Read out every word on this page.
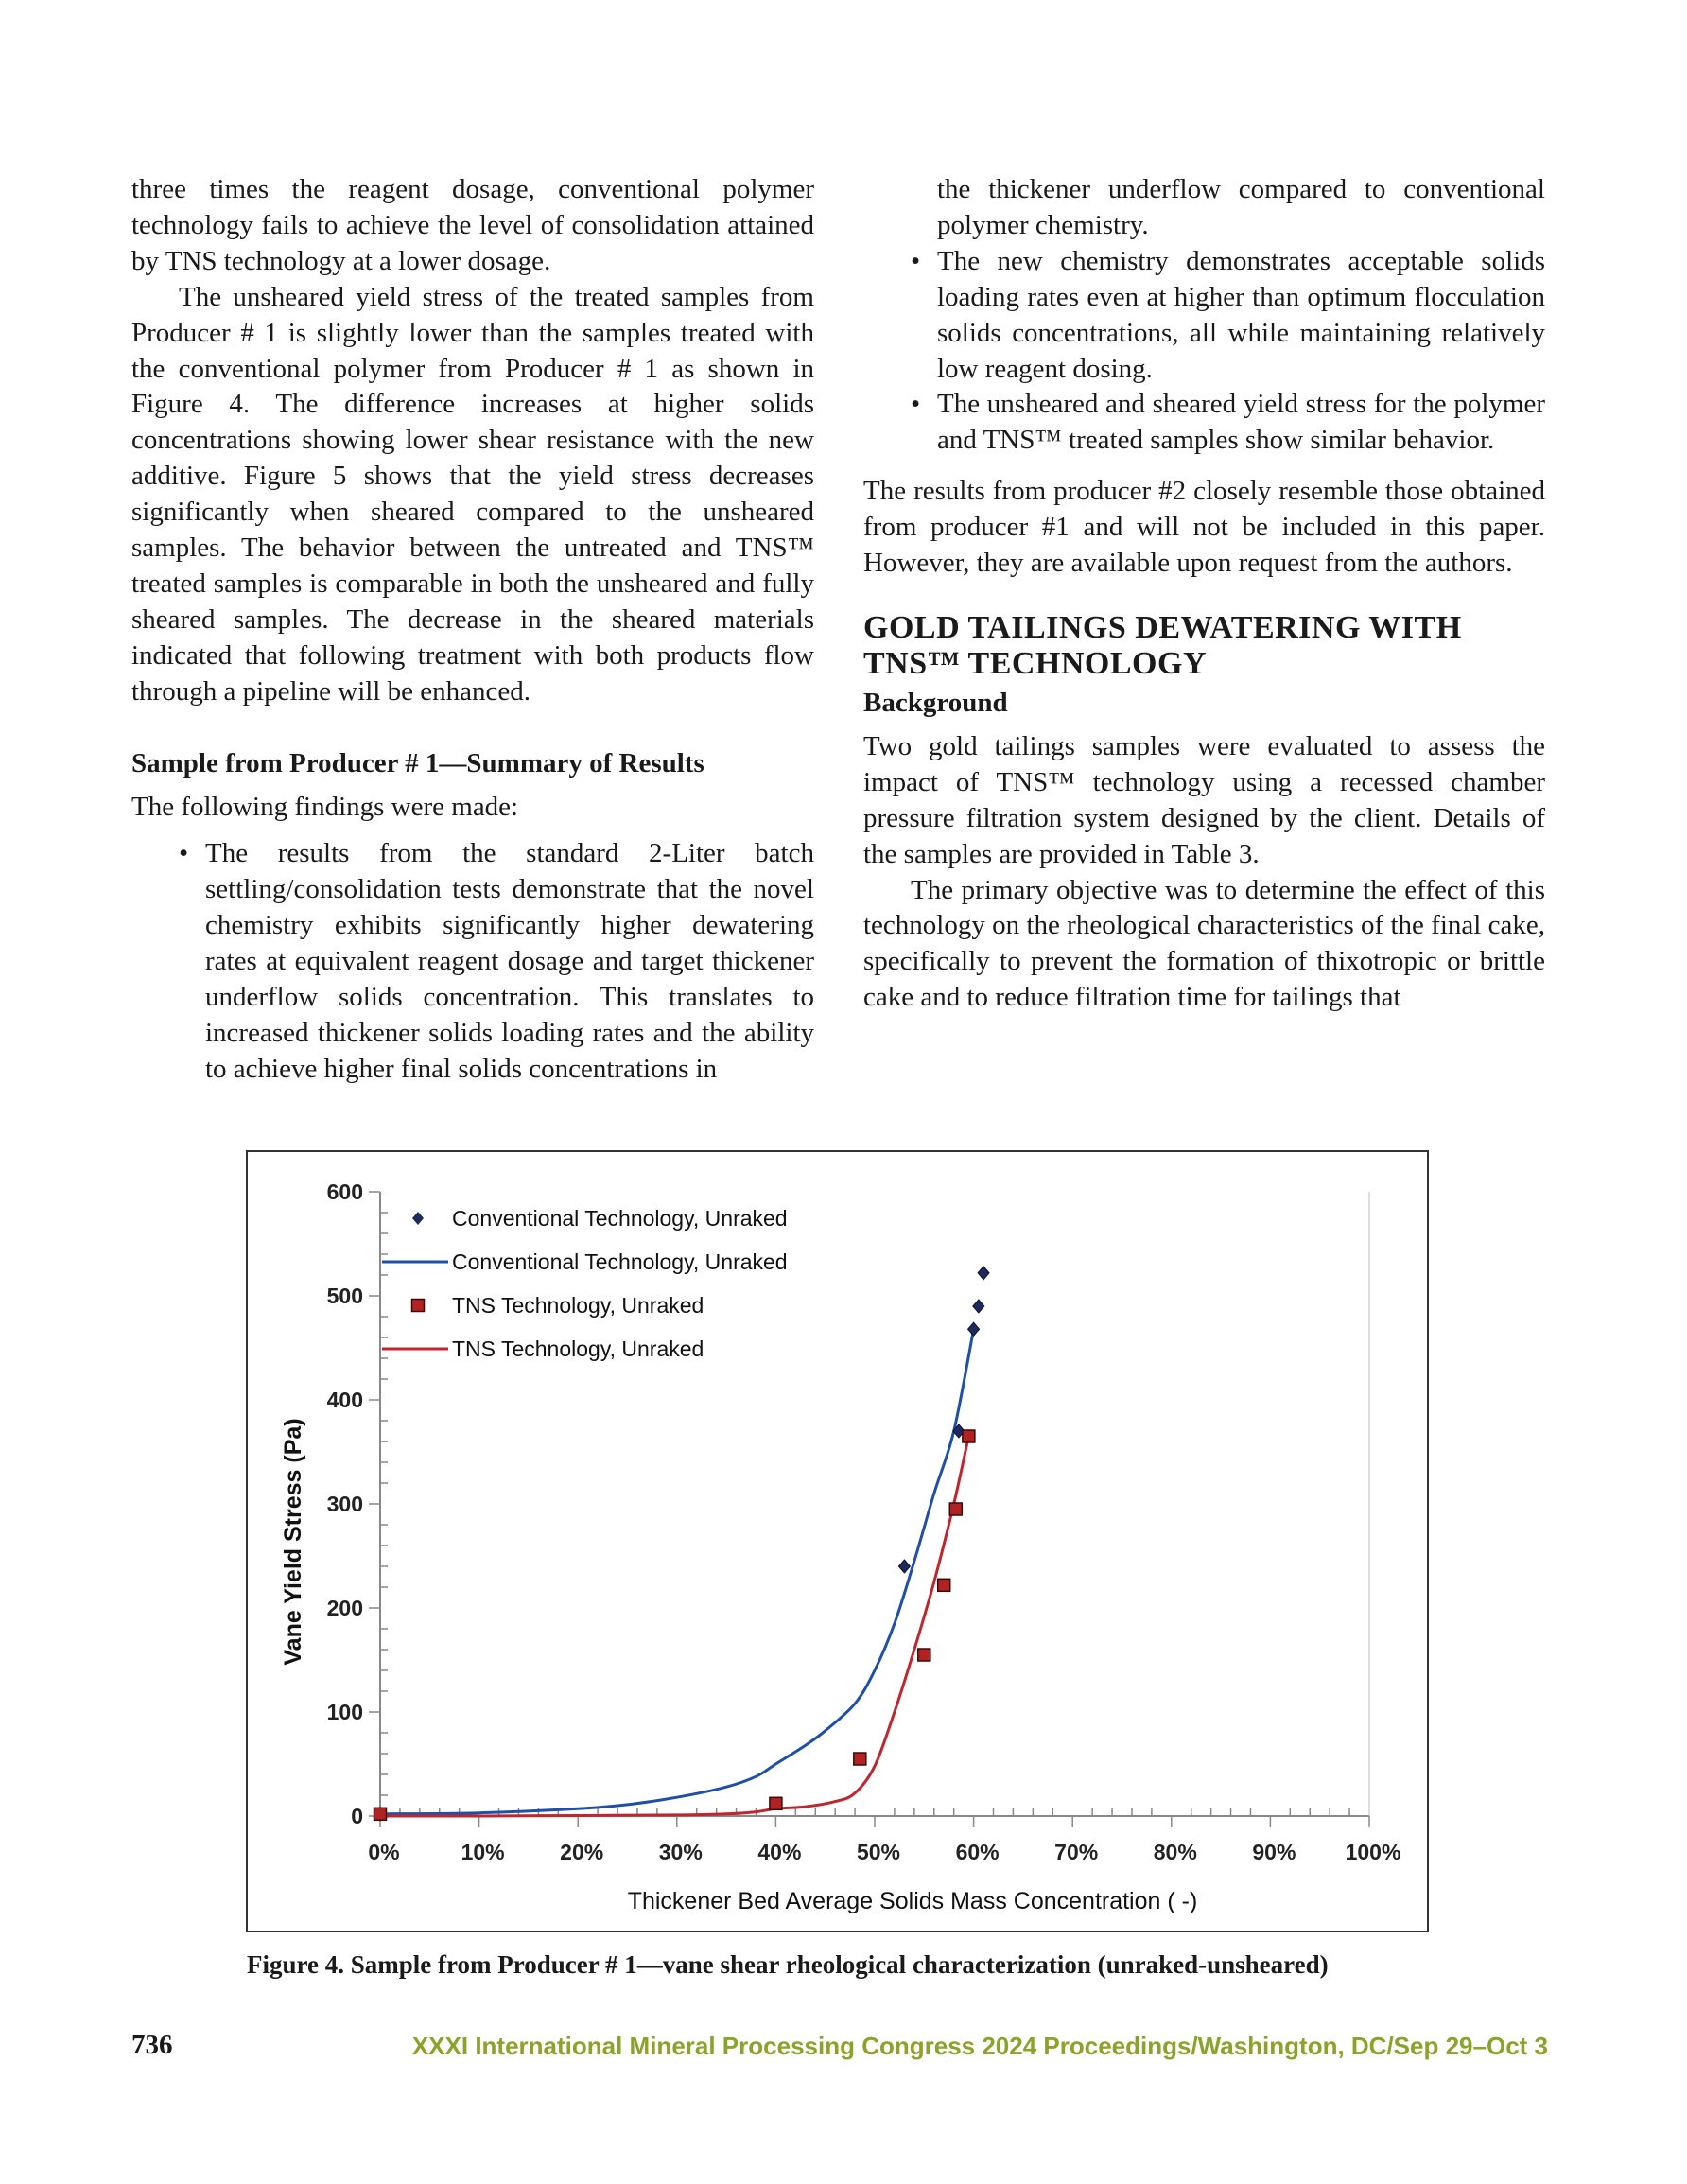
three times the reagent dosage, conventional polymer technology fails to achieve the level of consolidation attained by TNS technology at a lower dosage.

The unsheared yield stress of the treated samples from Producer # 1 is slightly lower than the samples treated with the conventional polymer from Producer # 1 as shown in Figure 4. The difference increases at higher solids concentrations showing lower shear resistance with the new additive. Figure 5 shows that the yield stress decreases significantly when sheared compared to the unsheared samples. The behavior between the untreated and TNS™ treated samples is comparable in both the unsheared and fully sheared samples. The decrease in the sheared materials indicated that following treatment with both products flow through a pipeline will be enhanced.

Sample from Producer # 1—Summary of Results

The following findings were made:

• The results from the standard 2-Liter batch settling/consolidation tests demonstrate that the novel chemistry exhibits significantly higher dewatering rates at equivalent reagent dosage and target thickener underflow solids concentration. This translates to increased thickener solids loading rates and the ability to achieve higher final solids concentrations in
the thickener underflow compared to conventional polymer chemistry.
• The new chemistry demonstrates acceptable solids loading rates even at higher than optimum flocculation solids concentrations, all while maintaining relatively low reagent dosing.
• The unsheared and sheared yield stress for the polymer and TNS™ treated samples show similar behavior.

The results from producer #2 closely resemble those obtained from producer #1 and will not be included in this paper. However, they are available upon request from the authors.

GOLD TAILINGS DEWATERING WITH

TNS™ TECHNOLOGY

Background

Two gold tailings samples were evaluated to assess the impact of TNS™ technology using a recessed chamber pressure filtration system designed by the client. Details of the samples are provided in Table 3.

The primary objective was to determine the effect of this technology on the rheological characteristics of the final cake, specifically to prevent the formation of thixotropic or brittle cake and to reduce filtration time for tailings that

0
100
200
300
400
500
600
0%	10%	20%	30%	40%	50%	60%	70%	80%	90% 100%
Thickener Bed Average Solids Mass Concentration ( -)
Vane Yield Stress (Pa)
Conventional Technology, Unraked
Conventional Technology, Unraked
TNS Technology, Unraked
TNS Technology, Unraked
Figure 4. Sample from Producer # 1—vane shear rheological characterization (unraked-unsheared)
736	XXXI International Mineral Processing Congress 2024 Proceedings/Washington, DC/Sep 29–Oct 3
